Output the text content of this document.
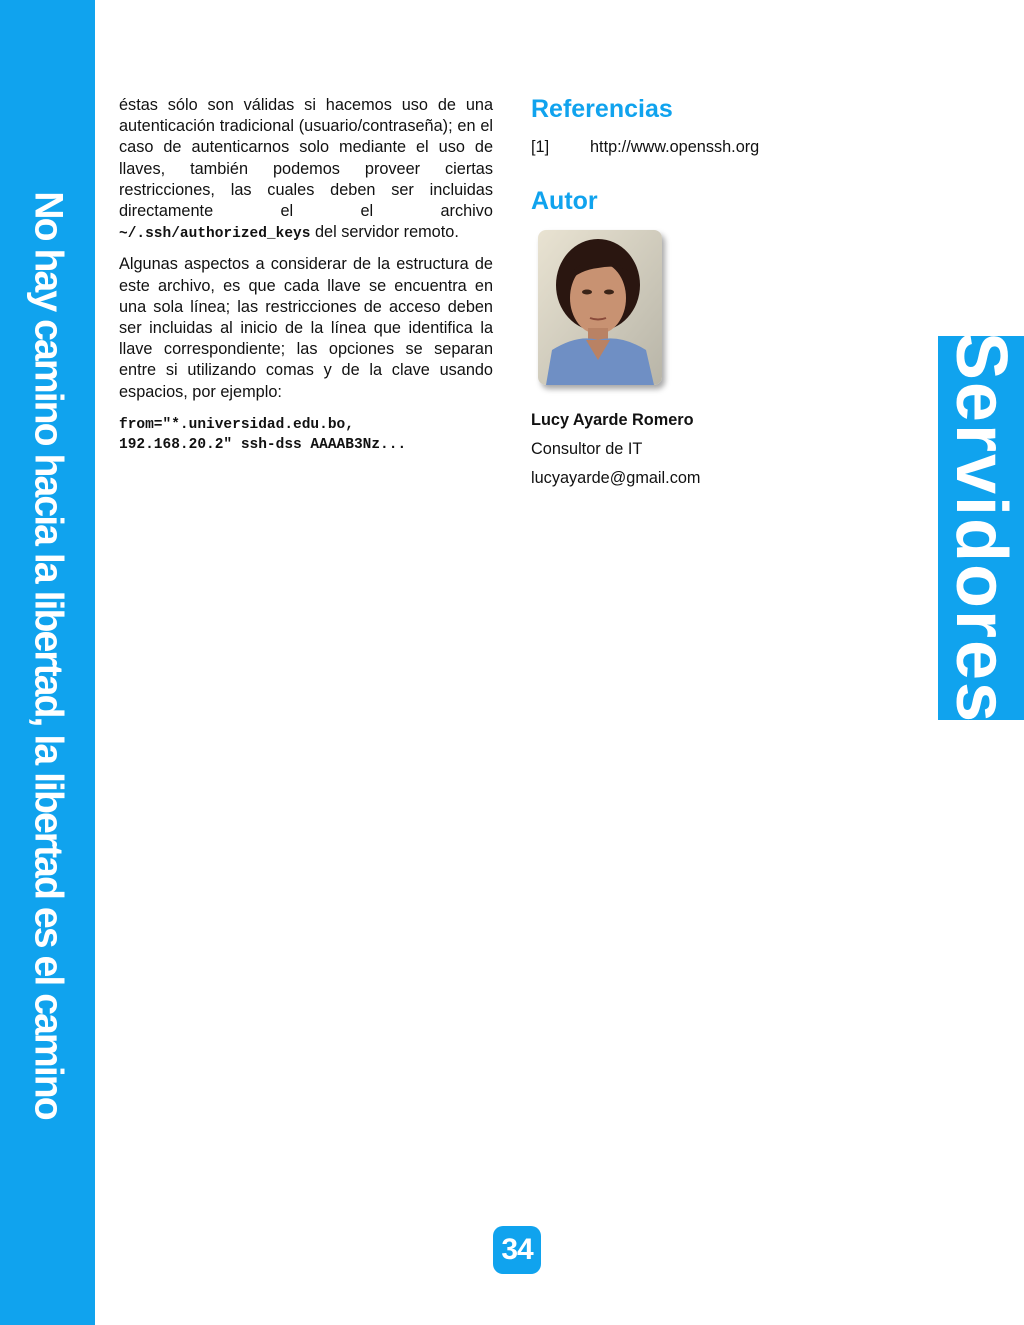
No hay camino hacia la libertad, la libertad es el camino	Servidores

éstas sólo son válidas si hacemos uso de una autenticación tradicional (usuario/contraseña); en el caso de autenticarnos solo mediante el uso de llaves, también podemos proveer ciertas restricciones, las cuales deben ser incluidas directamente el el archivo ~/.ssh/authorized_keys del servidor remoto.

Algunas aspectos a considerar de la estructura de este archivo, es que cada llave se encuentra en una sola línea; las restricciones de acceso deben ser incluidas al inicio de la línea que identifica la llave correspondiente; las opciones se separan entre si utilizando comas y de la clave usando espacios, por ejemplo:

from="*.universidad.edu.bo,
192.168.20.2" ssh-dss AAAAB3Nz...
Referencias
[1]	http://www.openssh.org
Autor
Lucy Ayarde Romero
Consultor de IT
lucyayarde@gmail.com
34
